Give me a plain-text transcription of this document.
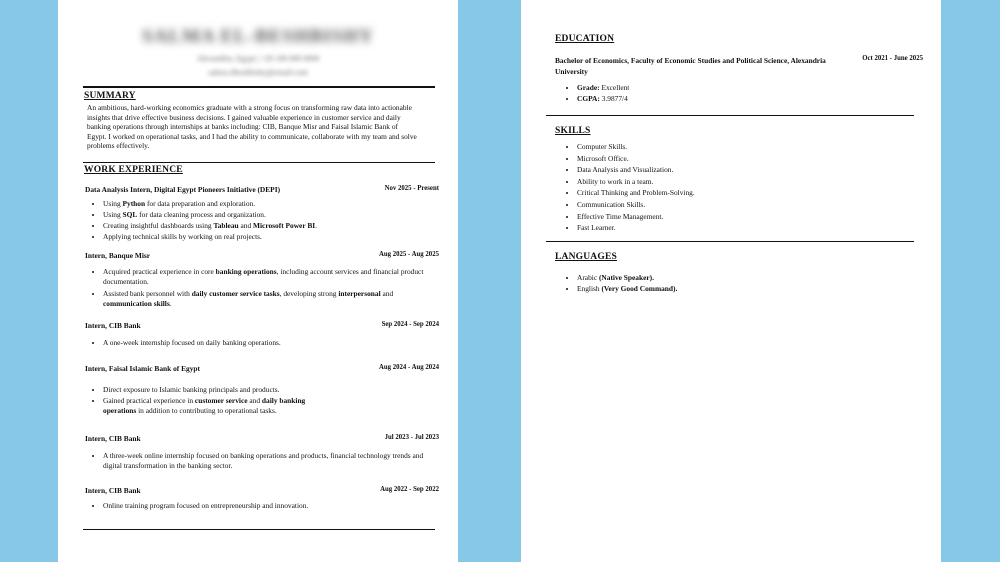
SALMA EL-BESHBISHY
Alexandria, Egypt | +20 100 000 0000
salma.elbeshbishy@email.com
SUMMARY
An ambitious, hard-working economics graduate with a strong focus on transforming raw data into actionable insights that drive effective business decisions. I gained valuable experience in customer service and daily banking operations through internships at banks including: CIB, Banque Misr and Faisal Islamic Bank of Egypt. I worked on operational tasks, and I had the ability to communicate, collaborate with my team and solve problems effectively.
WORK EXPERIENCE
Data Analysis Intern, Digital Egypt Pioneers Initiative (DEPI)	Nov 2025 - Present
• Using Python for data preparation and exploration.
• Using SQL for data cleaning process and organization.
• Creating insightful dashboards using Tableau and Microsoft Power BI.
• Applying technical skills by working on real projects.
Intern, Banque Misr	Aug 2025 - Aug 2025
• Acquired practical experience in core banking operations, including account services and financial product documentation.
• Assisted bank personnel with daily customer service tasks, developing strong interpersonal and communication skills.
Intern, CIB Bank	Sep 2024 - Sep 2024
• A one-week internship focused on daily banking operations.
Intern, Faisal Islamic Bank of Egypt	Aug 2024 - Aug 2024
• Direct exposure to Islamic banking principals and products.
• Gained practical experience in customer service and daily banking operations in addition to contributing to operational tasks.
Intern, CIB Bank	Jul 2023 - Jul 2023
• A three-week online internship focused on banking operations and products, financial technology trends and digital transformation in the banking sector.
Intern, CIB Bank	Aug 2022 - Sep 2022
• Online training program focused on entrepreneurship and innovation.
EDUCATION
Bachelor of Economics, Faculty of Economic Studies and Political Science, Alexandria University
Oct 2021 - June 2025
• Grade: Excellent
• CGPA: 3.9877/4
SKILLS
• Computer Skills.
• Microsoft Office.
• Data Analysis and Visualization.
• Ability to work in a team.
• Critical Thinking and Problem-Solving.
• Communication Skills.
• Effective Time Management.
• Fast Learner.
LANGUAGES
• Arabic (Native Speaker).
• English (Very Good Command).
